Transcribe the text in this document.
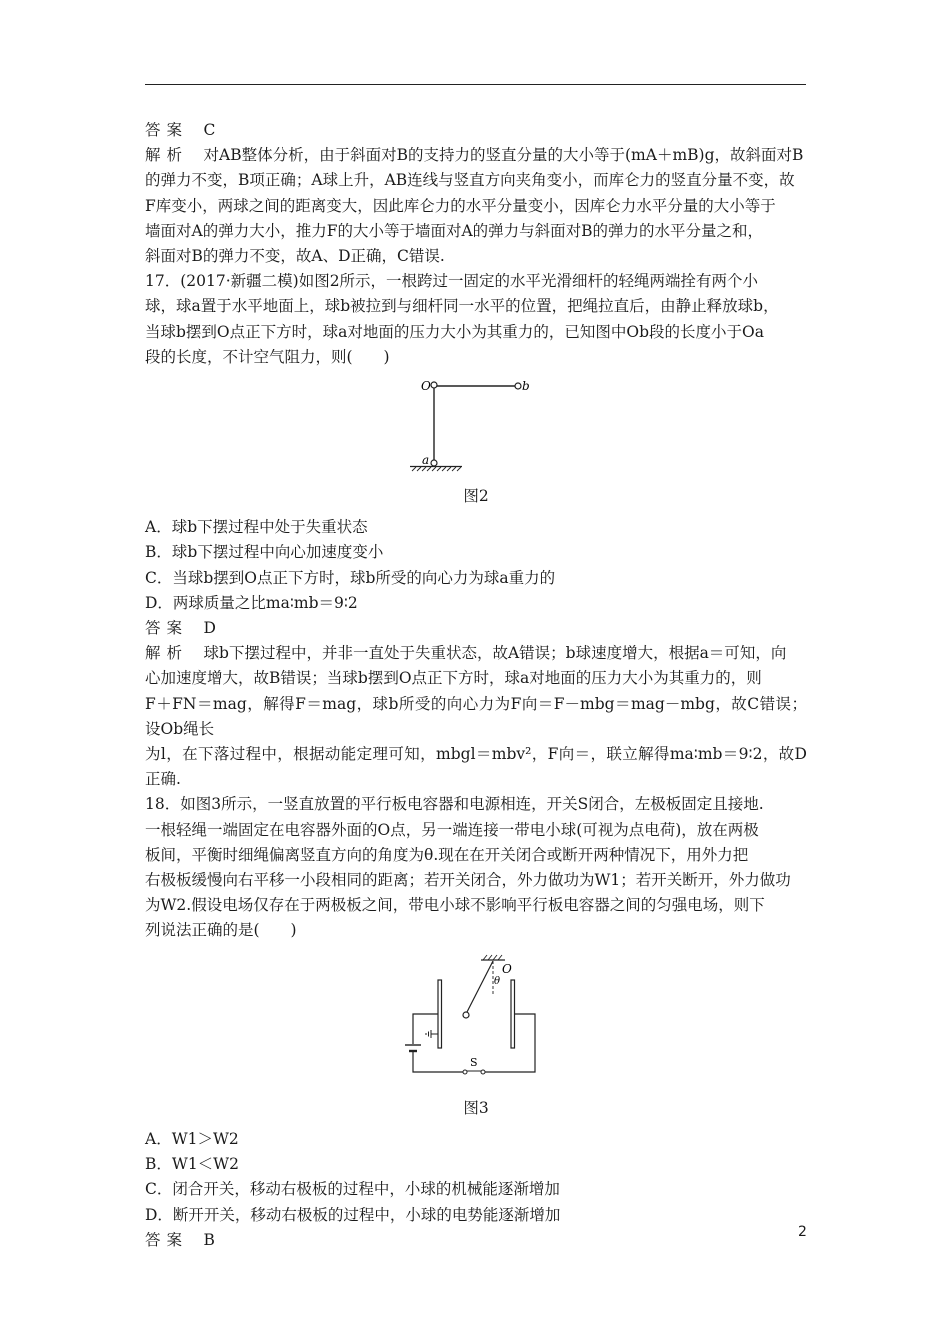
答案　 C

解析　 对AB整体分析，由于斜面对B的支持力的竖直分量的大小等于(mA＋mB)g，故斜面对B

的弹力不变，B项正确；A球上升，AB连线与竖直方向夹角变小，而库仑力的竖直分量不变，故

F库变小，两球之间的距离变大，因此库仑力的水平分量变小，因库仑力水平分量的大小等于

墙面对A的弹力大小，推力F的大小等于墙面对A的弹力与斜面对B的弹力的水平分量之和，

斜面对B的弹力不变，故A、D正确，C错误.

17．(2017·新疆二模)如图2所示，一根跨过一固定的水平光滑细杆的轻绳两端拴有两个小

球，球a置于水平地面上，球b被拉到与细杆同一水平的位置，把绳拉直后，由静止释放球b，

当球b摆到O点正下方时，球a对地面的压力大小为其重力的，已知图中Ob段的长度小于Oa

段的长度，不计空气阻力，则(　　)

O	b
a

图2

A．球b下摆过程中处于失重状态

B．球b下摆过程中向心加速度变小

C．当球b摆到O点正下方时，球b所受的向心力为球a重力的

D．两球质量之比ma∶mb＝9∶2

答案　 D

解析　 球b下摆过程中，并非一直处于失重状态，故A错误；b球速度增大，根据a＝可知，向

心加速度增大，故B错误；当球b摆到O点正下方时，球a对地面的压力大小为其重力的，则

F＋FN＝mag，解得F＝mag，球b所受的向心力为F向＝F－mbg＝mag－mbg，故C错误；设Ob绳长

为l，在下落过程中，根据动能定理可知，mbgl＝mbv²，F向＝，联立解得ma∶mb＝9∶2，故D正确.

18．如图3所示，一竖直放置的平行板电容器和电源相连，开关S闭合，左极板固定且接地.

一根轻绳一端固定在电容器外面的O点，另一端连接一带电小球(可视为点电荷)，放在两极

板间，平衡时细绳偏离竖直方向的角度为θ.现在在开关闭合或断开两种情况下，用外力把

右极板缓慢向右平移一小段相同的距离；若开关闭合，外力做功为W1；若开关断开，外力做功

为W2.假设电场仅存在于两极板之间，带电小球不影响平行板电容器之间的匀强电场，则下

列说法正确的是(　　)

O
θ
S

图3

A．W1＞W2

B．W1＜W2

C．闭合开关，移动右极板的过程中，小球的机械能逐渐增加

D．断开开关，移动右极板的过程中，小球的电势能逐渐增加

答案　 B	2
